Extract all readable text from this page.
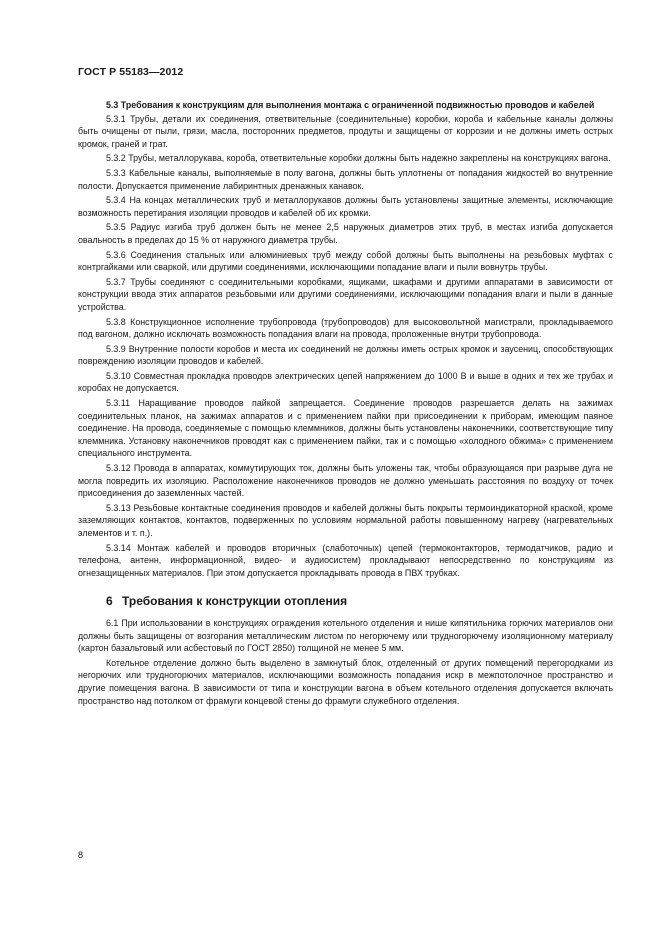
ГОСТ Р 55183—2012

5.3 Требования к конструкциям для выполнения монтажа с ограниченной подвижностью проводов и кабелей

5.3.1 Трубы, детали их соединения, ответвительные (соединительные) коробки, короба и кабельные каналы должны быть очищены от пыли, грязи, масла, посторонних предметов, продуты и защищены от коррозии и не должны иметь острых кромок, граней и грат.

5.3.2 Трубы, металлорукава, короба, ответвительные коробки должны быть надежно закреплены на конструкциях вагона.

5.3.3 Кабельные каналы, выполняемые в полу вагона, должны быть уплотнены от попадания жидкостей во внутренние полости. Допускается применение лабиринтных дренажных канавок.

5.3.4 На концах металлических труб и металлорукавов должны быть установлены защитные элементы, исключающие возможность перетирания изоляции проводов и кабелей об их кромки.

5.3.5 Радиус изгиба труб должен быть не менее 2,5 наружных диаметров этих труб, в местах изгиба допускается овальность в пределах до 15 % от наружного диаметра трубы.

5.3.6 Соединения стальных или алюминиевых труб между собой должны быть выполнены на резьбовых муфтах с контргайками или сваркой, или другими соединениями, исключающими попадание влаги и пыли вовнутрь трубы.

5.3.7 Трубы соединяют с соединительными коробками, ящиками, шкафами и другими аппаратами в зависимости от конструкции ввода этих аппаратов резьбовыми или другими соединениями, исключающими попадания влаги и пыли в данные устройства.

5.3.8 Конструкционное исполнение трубопровода (трубопроводов) для высоковольтной магистрали, прокладываемого под вагоном, должно исключать возможность попадания влаги на провода, проложенные внутри трубопровода.

5.3.9 Внутренние полости коробов и места их соединений не должны иметь острых кромок и заусениц, способствующих повреждению изоляции проводов и кабелей.

5.3.10 Совместная прокладка проводов электрических цепей напряжением до 1000 В и выше в одних и тех же трубах и коробах не допускается.

5.3.11 Наращивание проводов пайкой запрещается. Соединение проводов разрешается делать на зажимах соединительных планок, на зажимах аппаратов и с применением пайки при присоединении к приборам, имеющим паяное соединение. На провода, соединяемые с помощью клеммников, должны быть установлены наконечники, соответствующие типу клеммника. Установку наконечников проводят как с применением пайки, так и с помощью «холодного обжима» с применением специального инструмента.

5.3.12 Провода в аппаратах, коммутирующих ток, должны быть уложены так, чтобы образующаяся при разрыве дуга не могла повредить их изоляцию. Расположение наконечников проводов не должно уменьшать расстояния по воздуху от точек присоединения до заземленных частей.

5.3.13 Резьбовые контактные соединения проводов и кабелей должны быть покрыты термоиндикаторной краской, кроме заземляющих контактов, контактов, подверженных по условиям нормальной работы повышенному нагреву (нагревательных элементов и т. п.).

5.3.14 Монтаж кабелей и проводов вторичных (слаботочных) цепей (термоконтакторов, термодатчиков, радио и телефона, антенн, информационной, видео- и аудиосистем) прокладывают непосредственно по конструкциям из огнезащищенных материалов. При этом допускается прокладывать провода в ПВХ трубках.

6 Требования к конструкции отопления

6.1 При использовании в конструкциях ограждения котельного отделения и нише кипятильника горючих материалов они должны быть защищены от возгорания металлическим листом по негорючему или трудногорючему изоляционному материалу (картон базальтовый или асбестовый по ГОСТ 2850) толщиной не менее 5 мм.

Котельное отделение должно быть выделено в замкнутый блок, отделенный от других помещений перегородками из негорючих или трудногорючих материалов, исключающими возможность попадания искр в межпотолочное пространство и другие помещения вагона. В зависимости от типа и конструкции вагона в объем котельного отделения допускается включать пространство над потолком от фрамуги концевой стены до фрамуги служебного отделения.

8
